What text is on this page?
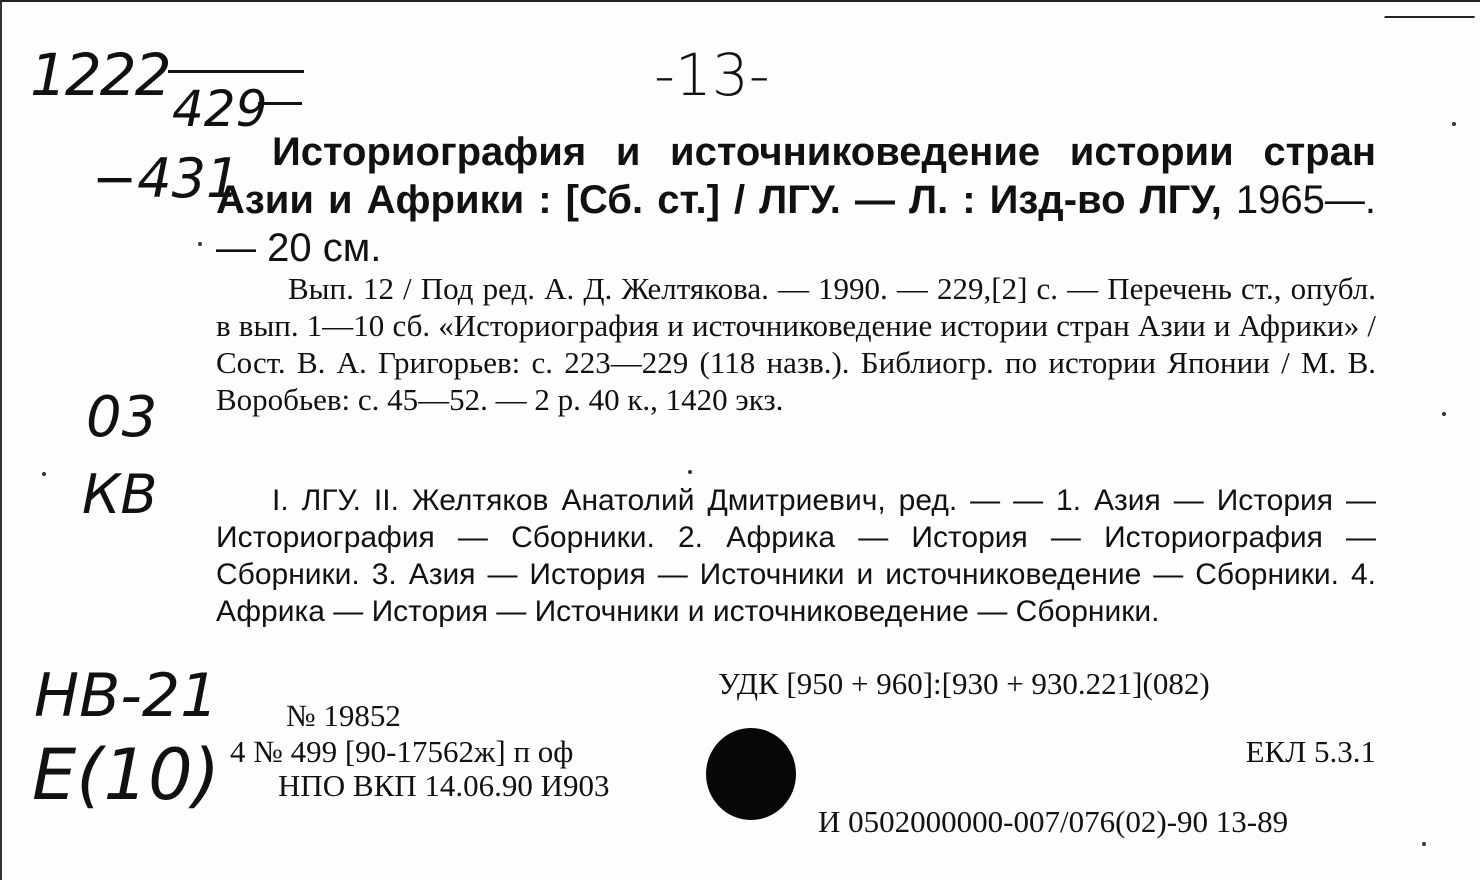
1222 429
−431
-13-
03
КВ
НВ-21
Е(10)
Историография и источниковедение истории стран Азии и Африки : [Сб. ст.] / ЛГУ. — Л. : Изд-во ЛГУ, 1965—. — 20 см.
Вып. 12 / Под ред. А. Д. Желтякова. — 1990. — 229,[2] с. — Перечень ст., опубл. в вып. 1—10 сб. «Историография и источниковедение истории стран Азии и Африки» / Сост. В. А. Григорьев: с. 223—229 (118 назв.). Библиогр. по истории Японии / М. В. Воробьев: с. 45—52. — 2 р. 40 к., 1420 экз.
I. ЛГУ. II. Желтяков Анатолий Дмитриевич, ред. — — 1. Азия — История — Историография — Сборники. 2. Африка — История — Историография — Сборники. 3. Азия — История — Источники и источниковедение — Сборники. 4. Африка — История — Источники и источниковедение — Сборники.
УДК [950 + 960]:[930 + 930.221](082)
№ 19852
ЕКЛ 5.3.1
4 № 499 [90-17562ж] п оф
НПО ВКП 14.06.90 И903
И 0502000000-007/076(02)-90 13-89
